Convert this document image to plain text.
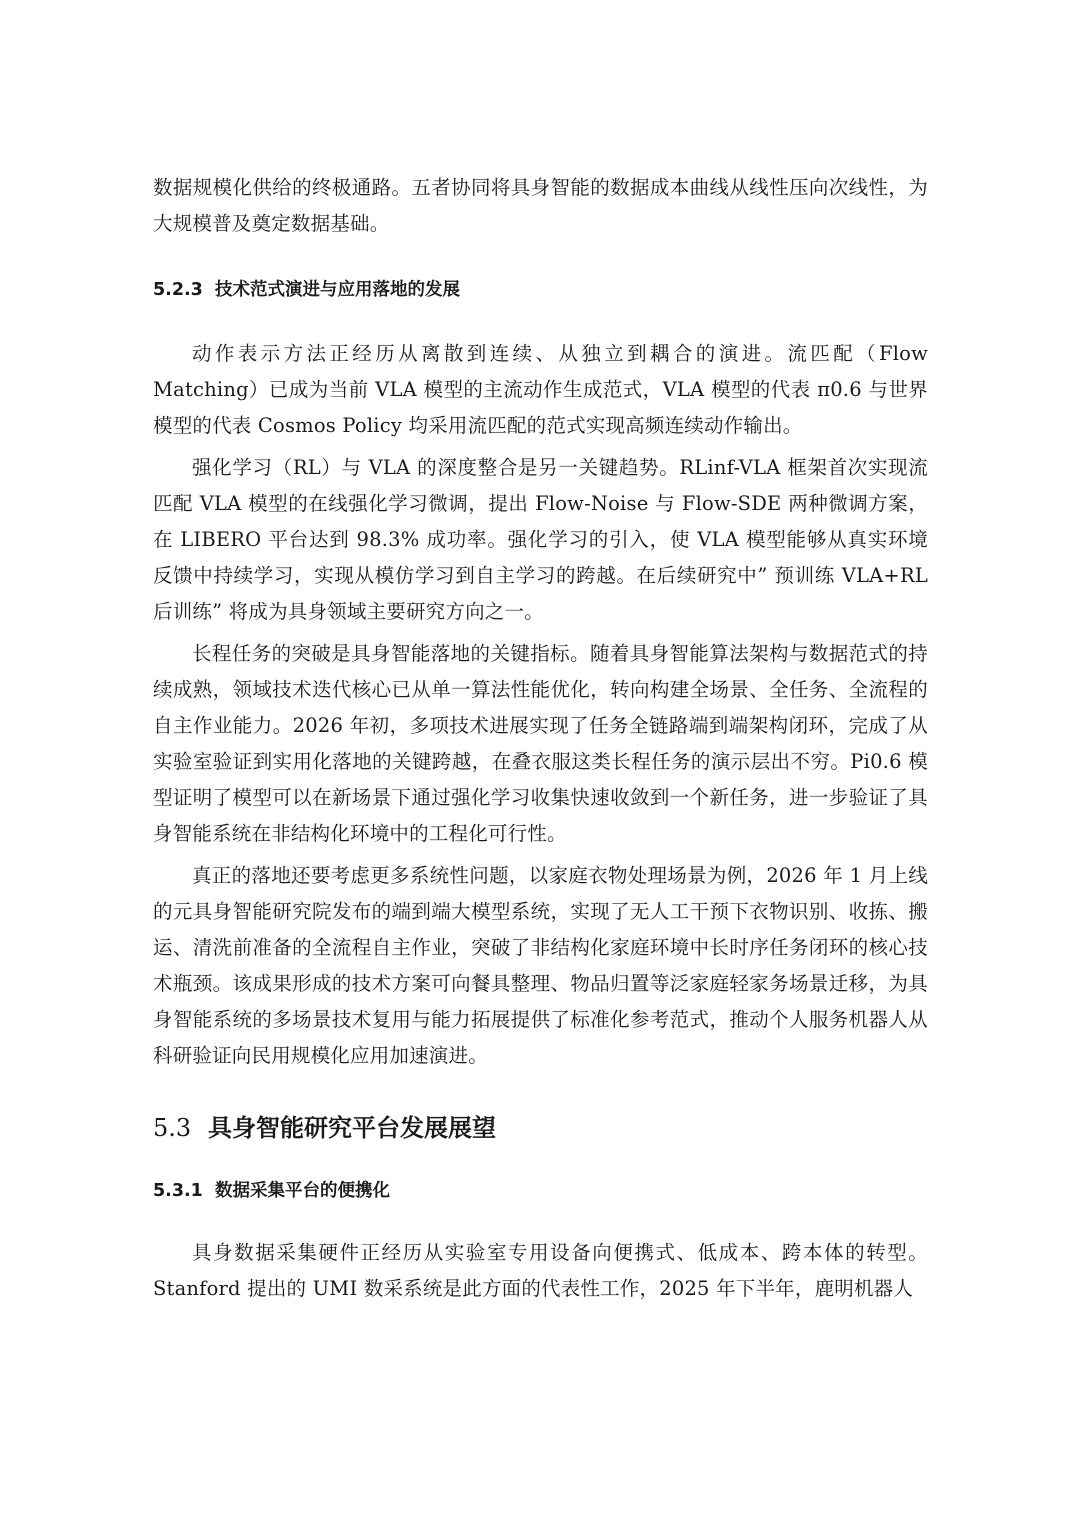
数据规模化供给的终极通路。五者协同将具身智能的数据成本曲线从线性压向次线性，为大规模普及奠定数据基础。

5.2.3 技术范式演进与应用落地的发展

动作表示方法正经历从离散到连续、从独立到耦合的演进。流匹配（Flow Matching）已成为当前 VLA 模型的主流动作生成范式，VLA 模型的代表 π0.6 与世界模型的代表 Cosmos Policy 均采用流匹配的范式实现高频连续动作输出。

强化学习（RL）与 VLA 的深度整合是另一关键趋势。RLinf-VLA 框架首次实现流匹配 VLA 模型的在线强化学习微调，提出 Flow-Noise 与 Flow-SDE 两种微调方案，在 LIBERO 平台达到 98.3% 成功率。强化学习的引入，使 VLA 模型能够从真实环境反馈中持续学习，实现从模仿学习到自主学习的跨越。在后续研究中” 预训练 VLA+RL 后训练” 将成为具身领域主要研究方向之一。

长程任务的突破是具身智能落地的关键指标。随着具身智能算法架构与数据范式的持续成熟，领域技术迭代核心已从单一算法性能优化，转向构建全场景、全任务、全流程的自主作业能力。2026 年初，多项技术进展实现了任务全链路端到端架构闭环，完成了从实验室验证到实用化落地的关键跨越，在叠衣服这类长程任务的演示层出不穷。Pi0.6 模型证明了模型可以在新场景下通过强化学习收集快速收敛到一个新任务，进一步验证了具身智能系统在非结构化环境中的工程化可行性。

真正的落地还要考虑更多系统性问题，以家庭衣物处理场景为例，2026 年 1 月上线的元具身智能研究院发布的端到端大模型系统，实现了无人工干预下衣物识别、收拣、搬运、清洗前准备的全流程自主作业，突破了非结构化家庭环境中长时序任务闭环的核心技术瓶颈。该成果形成的技术方案可向餐具整理、物品归置等泛家庭轻家务场景迁移，为具身智能系统的多场景技术复用与能力拓展提供了标准化参考范式，推动个人服务机器人从科研验证向民用规模化应用加速演进。

5.3 具身智能研究平台发展展望
5.3.1 数据采集平台的便携化

具身数据采集硬件正经历从实验室专用设备向便携式、低成本、跨本体的转型。Stanford 提出的 UMI 数采系统是此方面的代表性工作，2025 年下半年，鹿明机器人
